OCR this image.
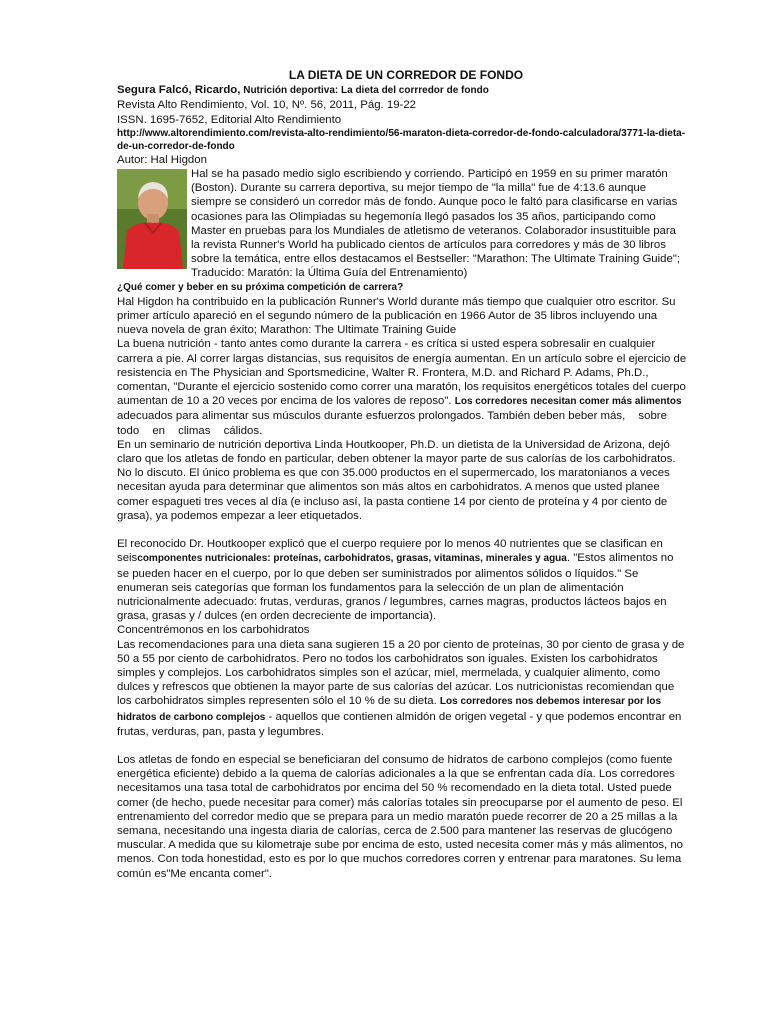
LA DIETA DE UN CORREDOR DE FONDO
Segura Falcó, Ricardo, Nutrición deportiva: La dieta del corrredor de fondo
Revista Alto Rendimiento, Vol. 10, Nº. 56, 2011, Pág. 19-22
ISSN. 1695-7652, Editorial Alto Rendimiento
http://www.altorendimiento.com/revista-alto-rendimiento/56-maraton-dieta-corredor-de-fondo-calculadora/3771-la-dieta-de-un-corredor-de-fondo
Autor: Hal Higdon
Hal se ha pasado medio siglo escribiendo y corriendo. Participó en 1959 en su primer maratón (Boston). Durante su carrera deportiva, su mejor tiempo de "la milla" fue de 4:13.6 aunque siempre se consideró un corredor más de fondo. Aunque poco le faltó para clasificarse en varias ocasiones para las Olimpiadas su hegemonía llegó pasados los 35 años, participando como Master en pruebas para los Mundiales de atletismo de veteranos. Colaborador insustituible para la revista Runner's World ha publicado cientos de artículos para corredores y más de 30 libros sobre la temática, entre ellos destacamos el Bestseller: "Marathon: The Ultimate Training Guide"; Traducido: Maratón: la Última Guía del Entrenamiento)
¿Qué comer y beber en su próxima competición de carrera?

Hal Higdon ha contribuido en la publicación Runner's World durante más tiempo que cualquier otro escritor. Su primer artículo apareció en el segundo número de la publicación en 1966 Autor de 35 libros incluyendo una nueva novela de gran éxito; Marathon: The Ultimate Training Guide

La buena nutrición - tanto antes como durante la carrera - es crítica si usted espera sobresalir en cualquier carrera a pie. Al correr largas distancias, sus requisitos de energía aumentan. En un artículo sobre el ejercicio de resistencia en The Physician and Sportsmedicine, Walter R. Frontera, M.D. and Richard P. Adams, Ph.D., comentan, "Durante el ejercicio sostenido como correr una maratón, los requisitos energéticos totales del cuerpo aumentan de 10 a 20 veces por encima de los valores de reposo". Los corredores necesitan comer más alimentos adecuados para alimentar sus músculos durante esfuerzos prolongados. También deben beber más, sobre todo en climas cálidos.

En un seminario de nutrición deportiva Linda Houtkooper, Ph.D. un dietista de la Universidad de Arizona, dejó claro que los atletas de fondo en particular, deben obtener la mayor parte de sus calorías de los carbohidratos.

No lo discuto. El único problema es que con 35.000 productos en el supermercado, los maratonianos a veces necesitan ayuda para determinar que alimentos son más altos en carbohidratos. A menos que usted planee comer espagueti tres veces al día (e incluso así, la pasta contiene 14 por ciento de proteína y 4 por ciento de grasa), ya podemos empezar a leer etiquetados.

El reconocido Dr. Houtkooper explicó que el cuerpo requiere por lo menos 40 nutrientes que se clasifican en seiscomponentes nutricionales: proteínas, carbohidratos, grasas, vitaminas, minerales y agua. "Estos alimentos no se pueden hacer en el cuerpo, por lo que deben ser suministrados por alimentos sólidos o líquidos." Se enumeran seis categorías que forman los fundamentos para la selección de un plan de alimentación nutricionalmente adecuado: frutas, verduras, granos / legumbres, carnes magras, productos lácteos bajos en grasa, grasas y / dulces (en orden decreciente de importancia).

Concentrémonos en los carbohidratos

Las recomendaciones para una dieta sana sugieren 15 a 20 por ciento de proteínas, 30 por ciento de grasa y de 50 a 55 por ciento de carbohidratos. Pero no todos los carbohidratos son iguales. Existen los carbohidratos simples y complejos. Los carbohidratos simples son el azúcar, miel, mermelada, y cualquier alimento, como dulces y refrescos que obtienen la mayor parte de sus calorías del azúcar. Los nutricionistas recomiendan que los carbohidratos simples representen sólo el 10 % de su dieta. Los corredores nos debemos interesar por los hidratos de carbono complejos - aquellos que contienen almidón de origen vegetal - y que podemos encontrar en frutas, verduras, pan, pasta y legumbres.

Los atletas de fondo en especial se beneficiaran del consumo de hidratos de carbono complejos (como fuente energética eficiente) debido a la quema de calorías adicionales a la que se enfrentan cada día. Los corredores necesitamos una tasa total de carbohidratos por encima del 50 % recomendado en la dieta total. Usted puede comer (de hecho, puede necesitar para comer) más calorías totales sin preocuparse por el aumento de peso. El entrenamiento del corredor medio que se prepara para un medio maratón puede recorrer de 20 a 25 millas a la semana, necesitando una ingesta diaria de calorías, cerca de 2.500 para mantener las reservas de glucógeno muscular. A medida que su kilometraje sube por encima de esto, usted necesita comer más y más alimentos, no menos. Con toda honestidad, esto es por lo que muchos corredores corren y entrenar para maratones. Su lema común es"Me encanta comer".
